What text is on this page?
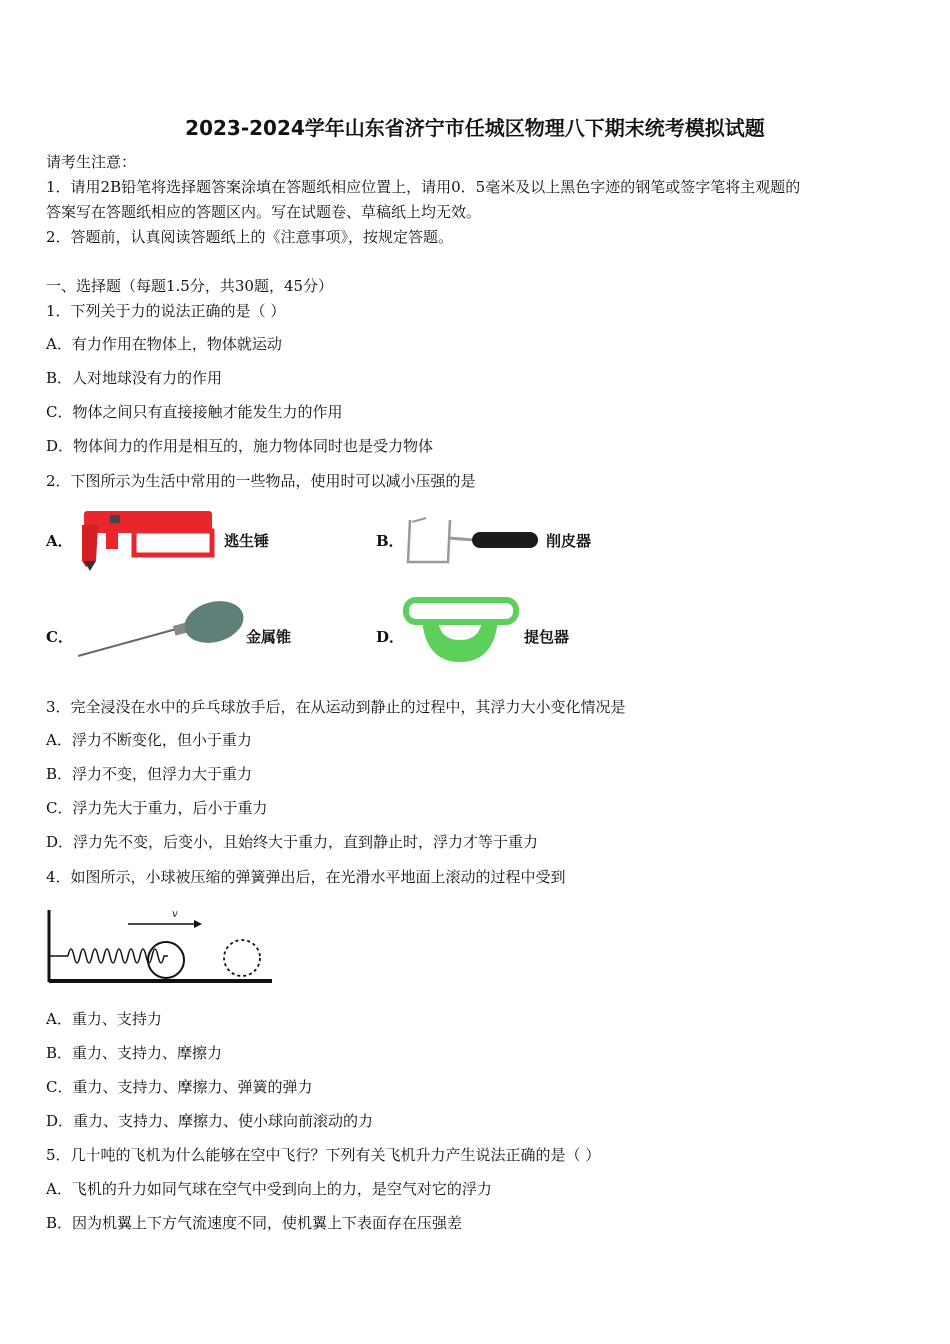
2023-2024学年山东省济宁市任城区物理八下期末统考模拟试题
请考生注意：
1．请用2B铅笔将选择题答案涂填在答题纸相应位置上，请用0．5毫米及以上黑色字迹的钢笔或签字笔将主观题的
答案写在答题纸相应的答题区内。写在试题卷、草稿纸上均无效。
2．答题前，认真阅读答题纸上的《注意事项》，按规定答题。
一、选择题（每题1.5分，共30题，45分）
1．下列关于力的说法正确的是（ ）
A．有力作用在物体上，物体就运动
B．人对地球没有力的作用
C．物体之间只有直接接触才能发生力的作用
D．物体间力的作用是相互的，施力物体同时也是受力物体
2．下图所示为生活中常用的一些物品，使用时可以减小压强的是
A．	逃生锤	B．	削皮器
C．	金属锥	D．	提包器
3．完全浸没在水中的乒乓球放手后，在从运动到静止的过程中，其浮力大小变化情况是
A．浮力不断变化，但小于重力
B．浮力不变，但浮力大于重力
C．浮力先大于重力，后小于重力
D．浮力先不变，后变小，且始终大于重力，直到静止时，浮力才等于重力
4．如图所示，小球被压缩的弹簧弹出后，在光滑水平地面上滚动的过程中受到
v
A．重力、支持力
B．重力、支持力、摩擦力
C．重力、支持力、摩擦力、弹簧的弹力
D．重力、支持力、摩擦力、使小球向前滚动的力
5．几十吨的飞机为什么能够在空中飞行？下列有关飞机升力产生说法正确的是（ ）
A．飞机的升力如同气球在空气中受到向上的力，是空气对它的浮力
B．因为机翼上下方气流速度不同，使机翼上下表面存在压强差
